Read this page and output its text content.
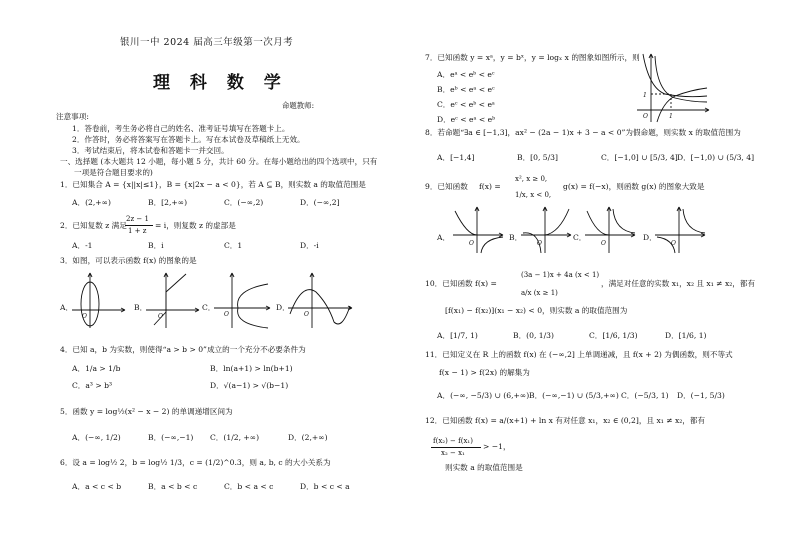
银川一中 2024 届高三年级第一次月考
理 科 数 学
命题教师:
注意事项:
1．答卷前，考生务必将自己的姓名、准考证号填写在答题卡上。
2．作答时，务必将答案写在答题卡上。写在本试卷及草稿纸上无效。
3．考试结束后，将本试卷和答题卡一并交回。
一、选择题 (本大题共 12 小题，每小题 5 分，共计 60 分。在每小题给出的四个选项中，只有
一项是符合题目要求的)
1．已知集合 A = {x||x|≤1}，B = {x|2x − a < 0}，若 A ⊆ B，则实数 a 的取值范围是
A．(2,+∞)	B．[2,+∞)	C．(−∞,2)	D．(−∞,2]
2．已知复数 z 满足
2z − 1
1 + z
= i，则复数 z 的虚部是
A．-1	B．i	C．1	D．-i
3．如图，可以表示函数 f(x) 的图象的是
A．	B．	C．	D．
O	O	O	O
4．已知 a，b 为实数，则使得“a > b > 0”成立的一个充分不必要条件为
A．1/a > 1/b	B．ln(a+1) > ln(b+1)
C．a³ > b³	D．√(a−1) > √(b−1)
5．函数 y = log½(x² − x − 2) 的单调递增区间为
A．(−∞, 1/2)	B．(−∞,−1) C．(1/2, +∞)	D．(2,+∞)
6．设 a = log½ 2，b = log½ 1/3，c = (1/2)^0.3，则 a, b, c 的大小关系为
A．a < c < b	B．a < b < c	C．b < a < c	D．b < c < a
7．已知函数 y = xᵃ，y = bˣ，y = logₓ x 的图象如图所示，则
A．eᵃ < eᵇ < eᶜ
B．eᵇ < eᵃ < eᶜ
C．eᶜ < eᵇ < eᵃ
D．eᶜ < eᵃ < eᵇ
1
O	1
8．若命题“∃a ∈ [−1,3]，ax² − (2a − 1)x + 3 − a < 0”为假命题，则实数 x 的取值范围为
A．[−1,4]	B．[0, 5/3]	C．[−1,0] ∪ [5/3, 4] D．[−1,0) ∪ (5/3, 4]
9．已知函数 f(x) =
x², x ≥ 0,
1/x, x < 0,
g(x) = f(−x)，则函数 g(x) 的图象大致是
A．	B．	C．	D．
O	O	O	O
10．已知函数 f(x) =
(3a − 1)x + 4a (x < 1)
a/x (x ≥ 1)
，满足对任意的实数 x₁，x₂ 且 x₁ ≠ x₂，都有
[f(x₁) − f(x₂)](x₁ − x₂) < 0，则实数 a 的取值范围为
A．[1/7, 1)	B．(0, 1/3)	C．[1/6, 1/3)	D．[1/6, 1)
11．已知定义在 R 上的函数 f(x) 在 (−∞,2] 上单调递减，且 f(x + 2) 为偶函数，则不等式
f(x − 1) > f(2x) 的解集为
A．(−∞, −5/3) ∪ (6,+∞) B．(−∞,−1) ∪ (5/3,+∞) C．(−5/3, 1) D．(−1, 5/3)
12．已知函数 f(x) = a/(x+1) + ln x 有对任意 x₁，x₂ ∈ (0,2]，且 x₁ ≠ x₂，都有
f(x₂) − f(x₁)
x₂ − x₁
> −1，
则实数 a 的取值范围是
